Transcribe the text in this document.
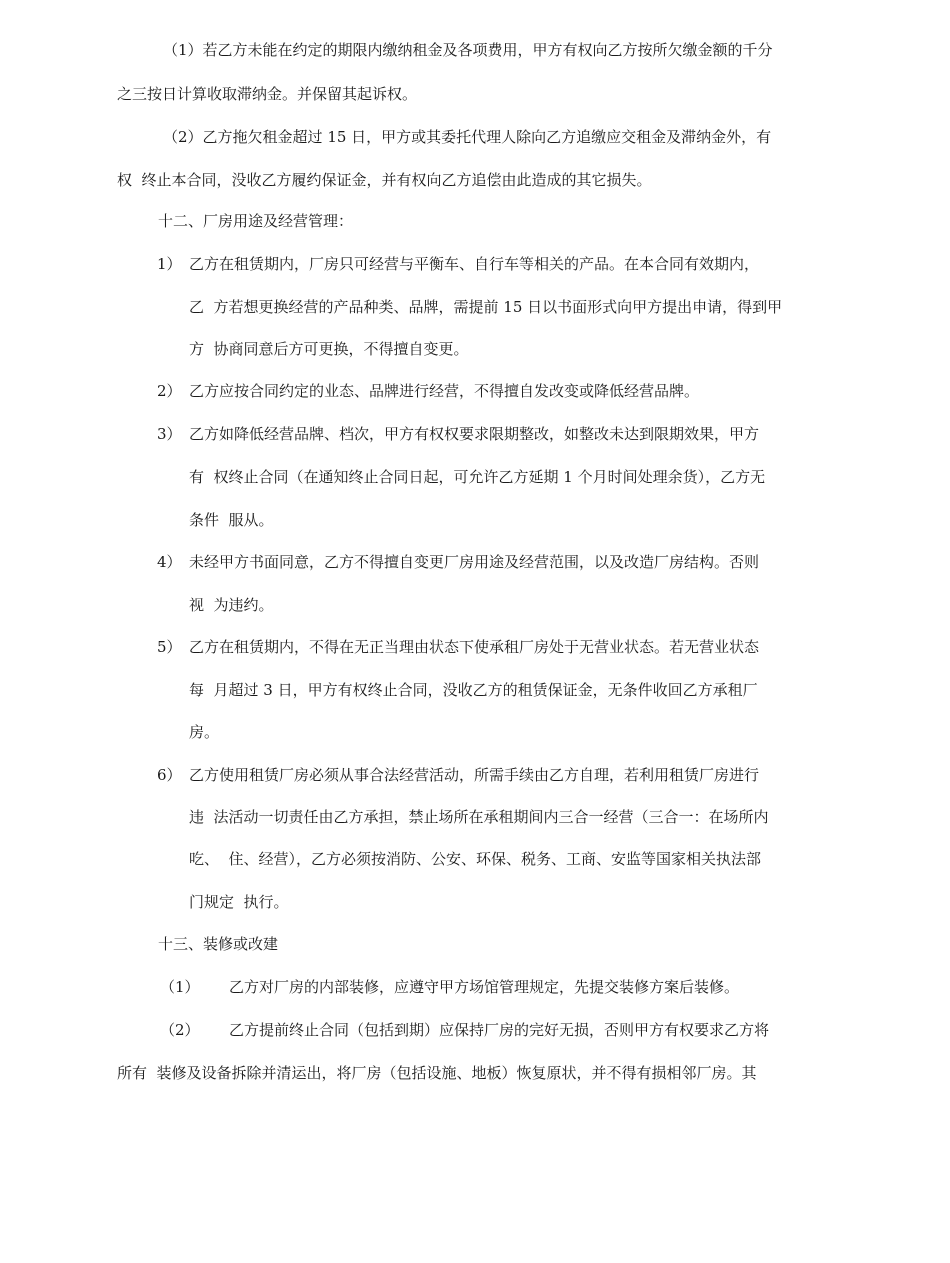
（1）若乙方未能在约定的期限内缴纳租金及各项费用，甲方有权向乙方按所欠缴金额的千分
之三按日计算收取滞纳金。并保留其起诉权。
（2）乙方拖欠租金超过 15 日，甲方或其委托代理人除向乙方追缴应交租金及滞纳金外，有
权  终止本合同，没收乙方履约保证金，并有权向乙方追偿由此造成的其它损失。
十二、厂房用途及经营管理：
1） 乙方在租赁期内，厂房只可经营与平衡车、自行车等相关的产品。在本合同有效期内，
乙  方若想更换经营的产品种类、品牌，需提前 15 日以书面形式向甲方提出申请，得到甲
方  协商同意后方可更换，不得擅自变更。
2） 乙方应按合同约定的业态、品牌进行经营，不得擅自发改变或降低经营品牌。
3） 乙方如降低经营品牌、档次，甲方有权权要求限期整改，如整改未达到限期效果，甲方
有  权终止合同（在通知终止合同日起，可允许乙方延期 1 个月时间处理余货），乙方无
条件  服从。
4） 未经甲方书面同意，乙方不得擅自变更厂房用途及经营范围，以及改造厂房结构。否则
视  为违约。
5） 乙方在租赁期内，不得在无正当理由状态下使承租厂房处于无营业状态。若无营业状态
每  月超过 3 日，甲方有权终止合同，没收乙方的租赁保证金，无条件收回乙方承租厂
房。
6） 乙方使用租赁厂房必须从事合法经营活动，所需手续由乙方自理，若利用租赁厂房进行
违  法活动一切责任由乙方承担，禁止场所在承租期间内三合一经营（三合一：在场所内
吃、  住、经营），乙方必须按消防、公安、环保、税务、工商、安监等国家相关执法部
门规定  执行。
十三、装修或改建
（1） 乙方对厂房的内部装修，应遵守甲方场馆管理规定，先提交装修方案后装修。
（2） 乙方提前终止合同（包括到期）应保持厂房的完好无损，否则甲方有权要求乙方将
所有  装修及设备拆除并清运出，将厂房（包括设施、地板）恢复原状，并不得有损相邻厂房。其
